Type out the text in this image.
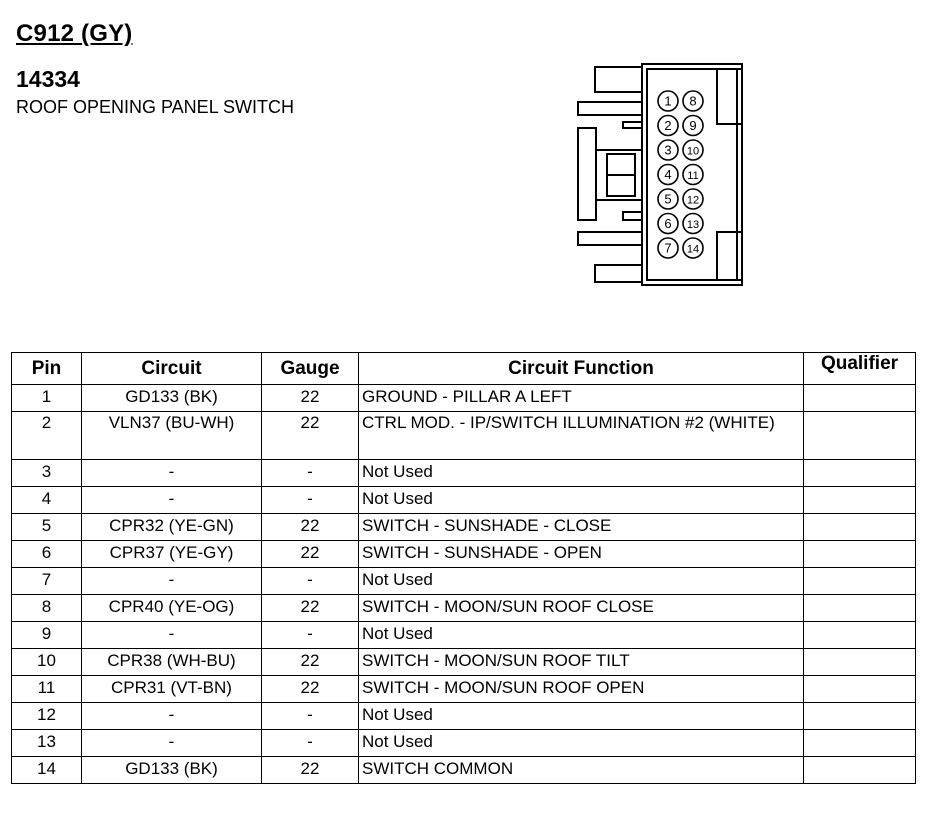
C912 (GY)
14334
ROOF OPENING PANEL SWITCH	1
2
3
4
5
6
7
8
9
10
11
12
13
14
Pin	Circuit	Gauge	Circuit Function	Qualifier
1	GD133 (BK)	22	GROUND - PILLAR A LEFT	
2	VLN37 (BU-WH)	22	CTRL MOD. - IP/SWITCH ILLUMINATION #2 (WHITE)	
3	-	-	Not Used	
4	-	-	Not Used	
5	CPR32 (YE-GN)	22	SWITCH - SUNSHADE - CLOSE	
6	CPR37 (YE-GY)	22	SWITCH - SUNSHADE - OPEN	
7	-	-	Not Used	
8	CPR40 (YE-OG)	22	SWITCH - MOON/SUN ROOF CLOSE	
9	-	-	Not Used	
10	CPR38 (WH-BU)	22	SWITCH - MOON/SUN ROOF TILT	
11	CPR31 (VT-BN)	22	SWITCH - MOON/SUN ROOF OPEN	
12	-	-	Not Used	
13	-	-	Not Used	
14	GD133 (BK)	22	SWITCH COMMON	
